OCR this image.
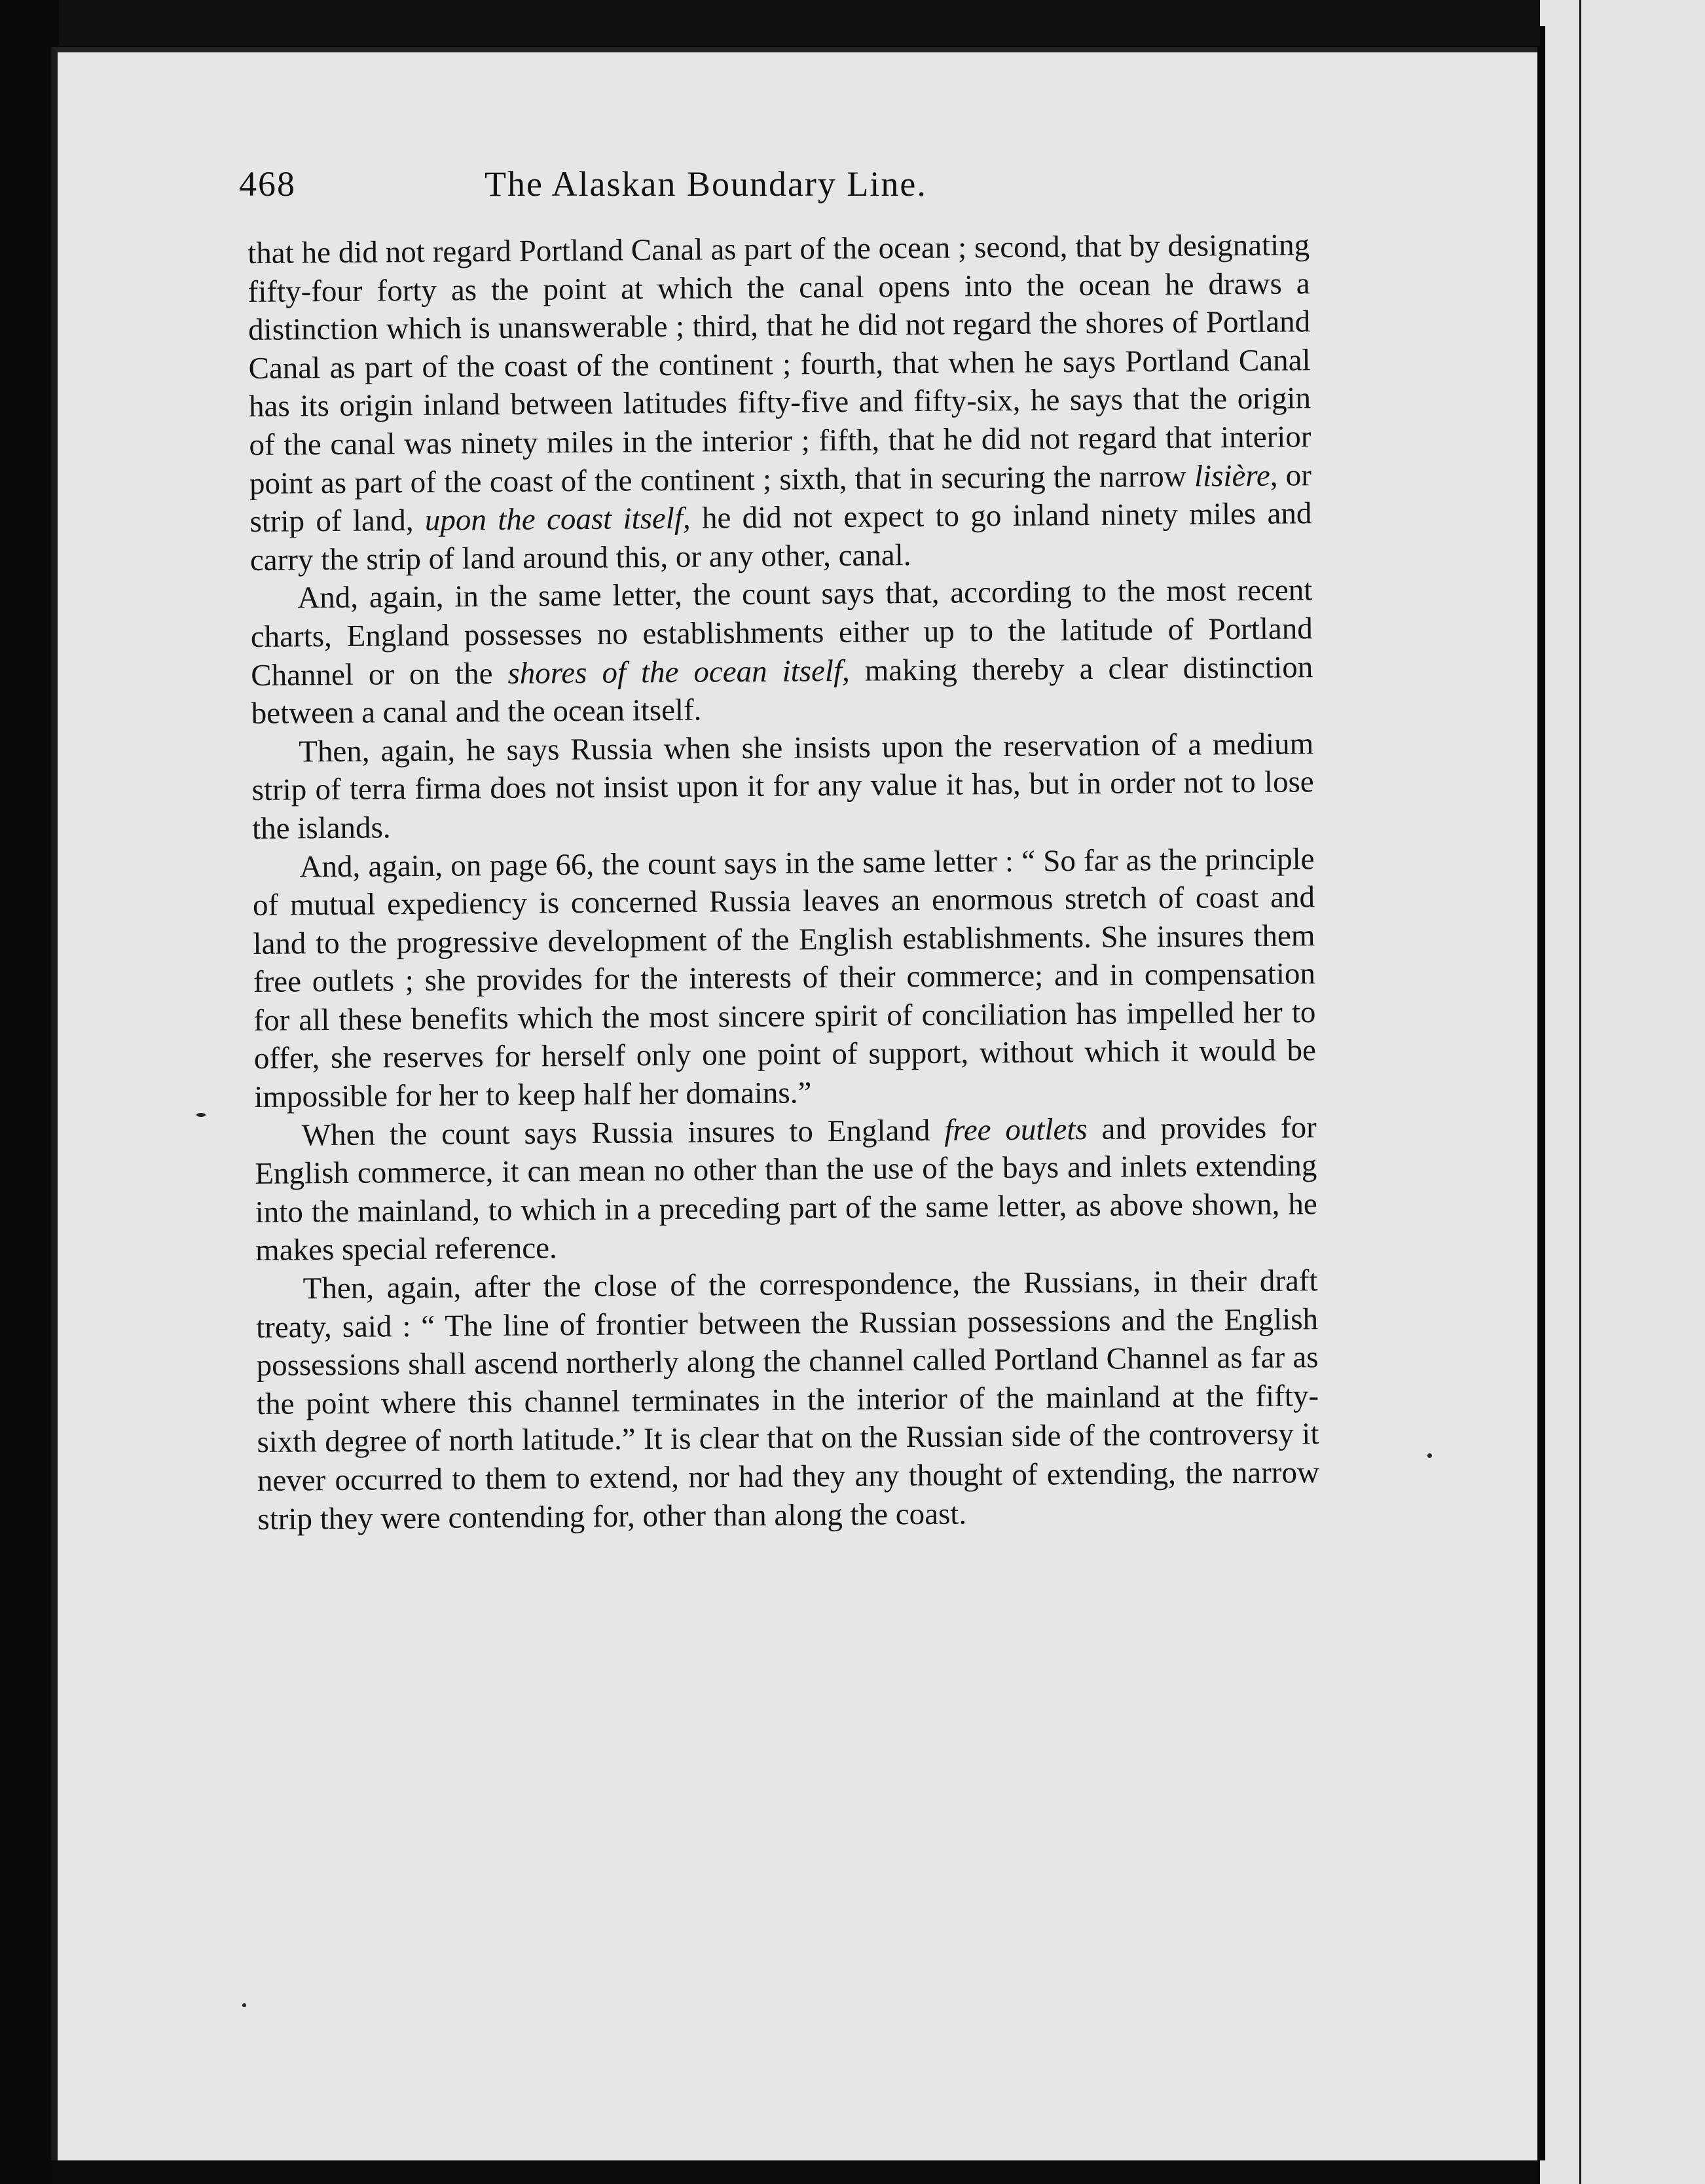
468	The Alaskan Boundary Line.

that he did not regard Portland Canal as part of the ocean ; second, that by designating fifty-four forty as the point at which the canal opens into the ocean he draws a distinction which is unanswerable ; third, that he did not regard the shores of Portland Canal as part of the coast of the continent ; fourth, that when he says Portland Canal has its origin inland between latitudes fifty-five and fifty-six, he says that the origin of the canal was ninety miles in the interior ; fifth, that he did not regard that interior point as part of the coast of the continent ; sixth, that in securing the narrow lisière, or strip of land, upon the coast itself, he did not expect to go inland ninety miles and carry the strip of land around this, or any other, canal.

And, again, in the same letter, the count says that, according to the most recent charts, England possesses no establishments either up to the latitude of Portland Channel or on the shores of the ocean itself, making thereby a clear distinction between a canal and the ocean itself.

Then, again, he says Russia when she insists upon the reservation of a medium strip of terra firma does not insist upon it for any value it has, but in order not to lose the islands.

And, again, on page 66, the count says in the same letter : “ So far as the principle of mutual expediency is concerned Russia leaves an enormous stretch of coast and land to the progressive development of the English establishments. She insures them free outlets ; she provides for the interests of their commerce; and in compensation for all these benefits which the most sincere spirit of conciliation has impelled her to offer, she reserves for herself only one point of support, without which it would be impossible for her to keep half her domains.”

When the count says Russia insures to England free outlets and provides for English commerce, it can mean no other than the use of the bays and inlets extending into the mainland, to which in a preceding part of the same letter, as above shown, he makes special reference.

Then, again, after the close of the correspondence, the Russians, in their draft treaty, said : “ The line of frontier between the Russian possessions and the English possessions shall ascend northerly along the channel called Portland Channel as far as the point where this channel terminates in the interior of the mainland at the fifty-sixth degree of north latitude.” It is clear that on the Russian side of the controversy it never occurred to them to extend, nor had they any thought of extending, the narrow strip they were contending for, other than along the coast.
